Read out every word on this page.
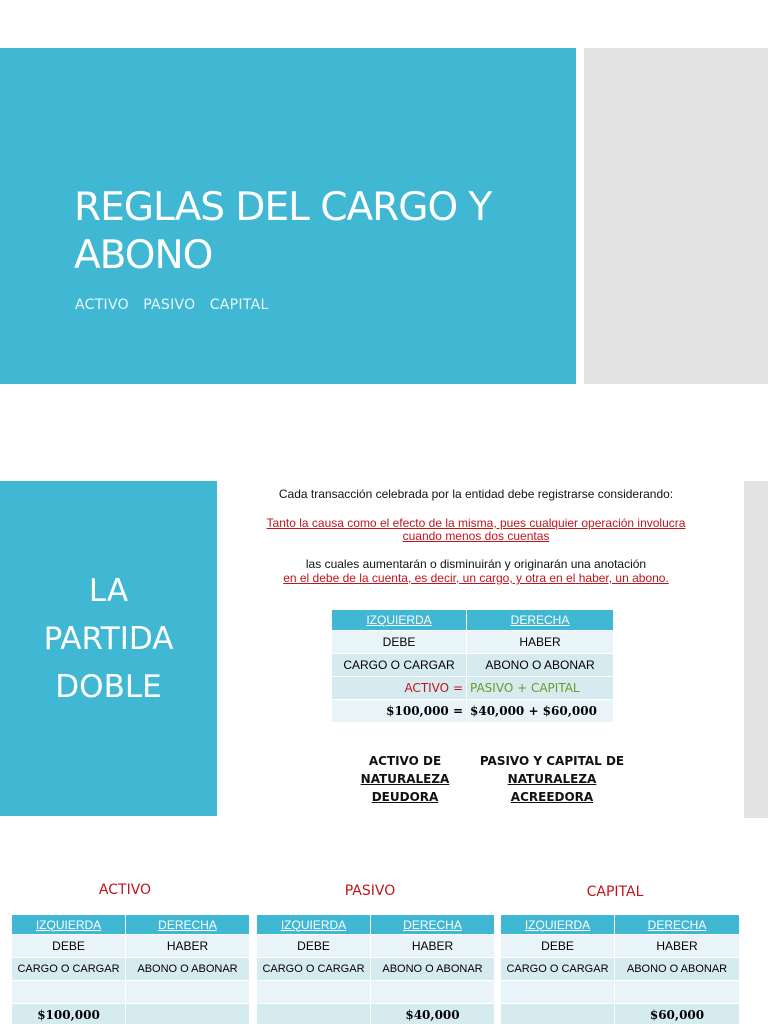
REGLAS DEL CARGO Y
ABONO
ACTIVO   PASIVO   CAPITAL
LA
PARTIDA
DOBLE
Cada transacción celebrada por la entidad debe registrarse considerando:
Tanto la causa como el efecto de la misma, pues cualquier operación involucra cuando menos dos cuentas
las cuales aumentarán o disminuirán y originarán una anotación
en el debe de la cuenta, es decir, un cargo, y otra en el haber, un abono.
IZQUIERDA	DERECHA
DEBE	HABER
CARGO O CARGAR	ABONO O ABONAR
ACTIVO =	PASIVO + CAPITAL
$100,000 =	$40,000 + $60,000
ACTIVO DE
NATURALEZA
DEUDORA
PASIVO Y CAPITAL DE
NATURALEZA
ACREEDORA
ACTIVO	PASIVO	CAPITAL
IZQUIERDA	DERECHA
DEBE	HABER
CARGO O CARGAR	ABONO O ABONAR

$100,000	
IZQUIERDA	DERECHA
DEBE	HABER
CARGO O CARGAR	ABONO O ABONAR

	$40,000
IZQUIERDA	DERECHA
DEBE	HABER
CARGO O CARGAR	ABONO O ABONAR

	$60,000
